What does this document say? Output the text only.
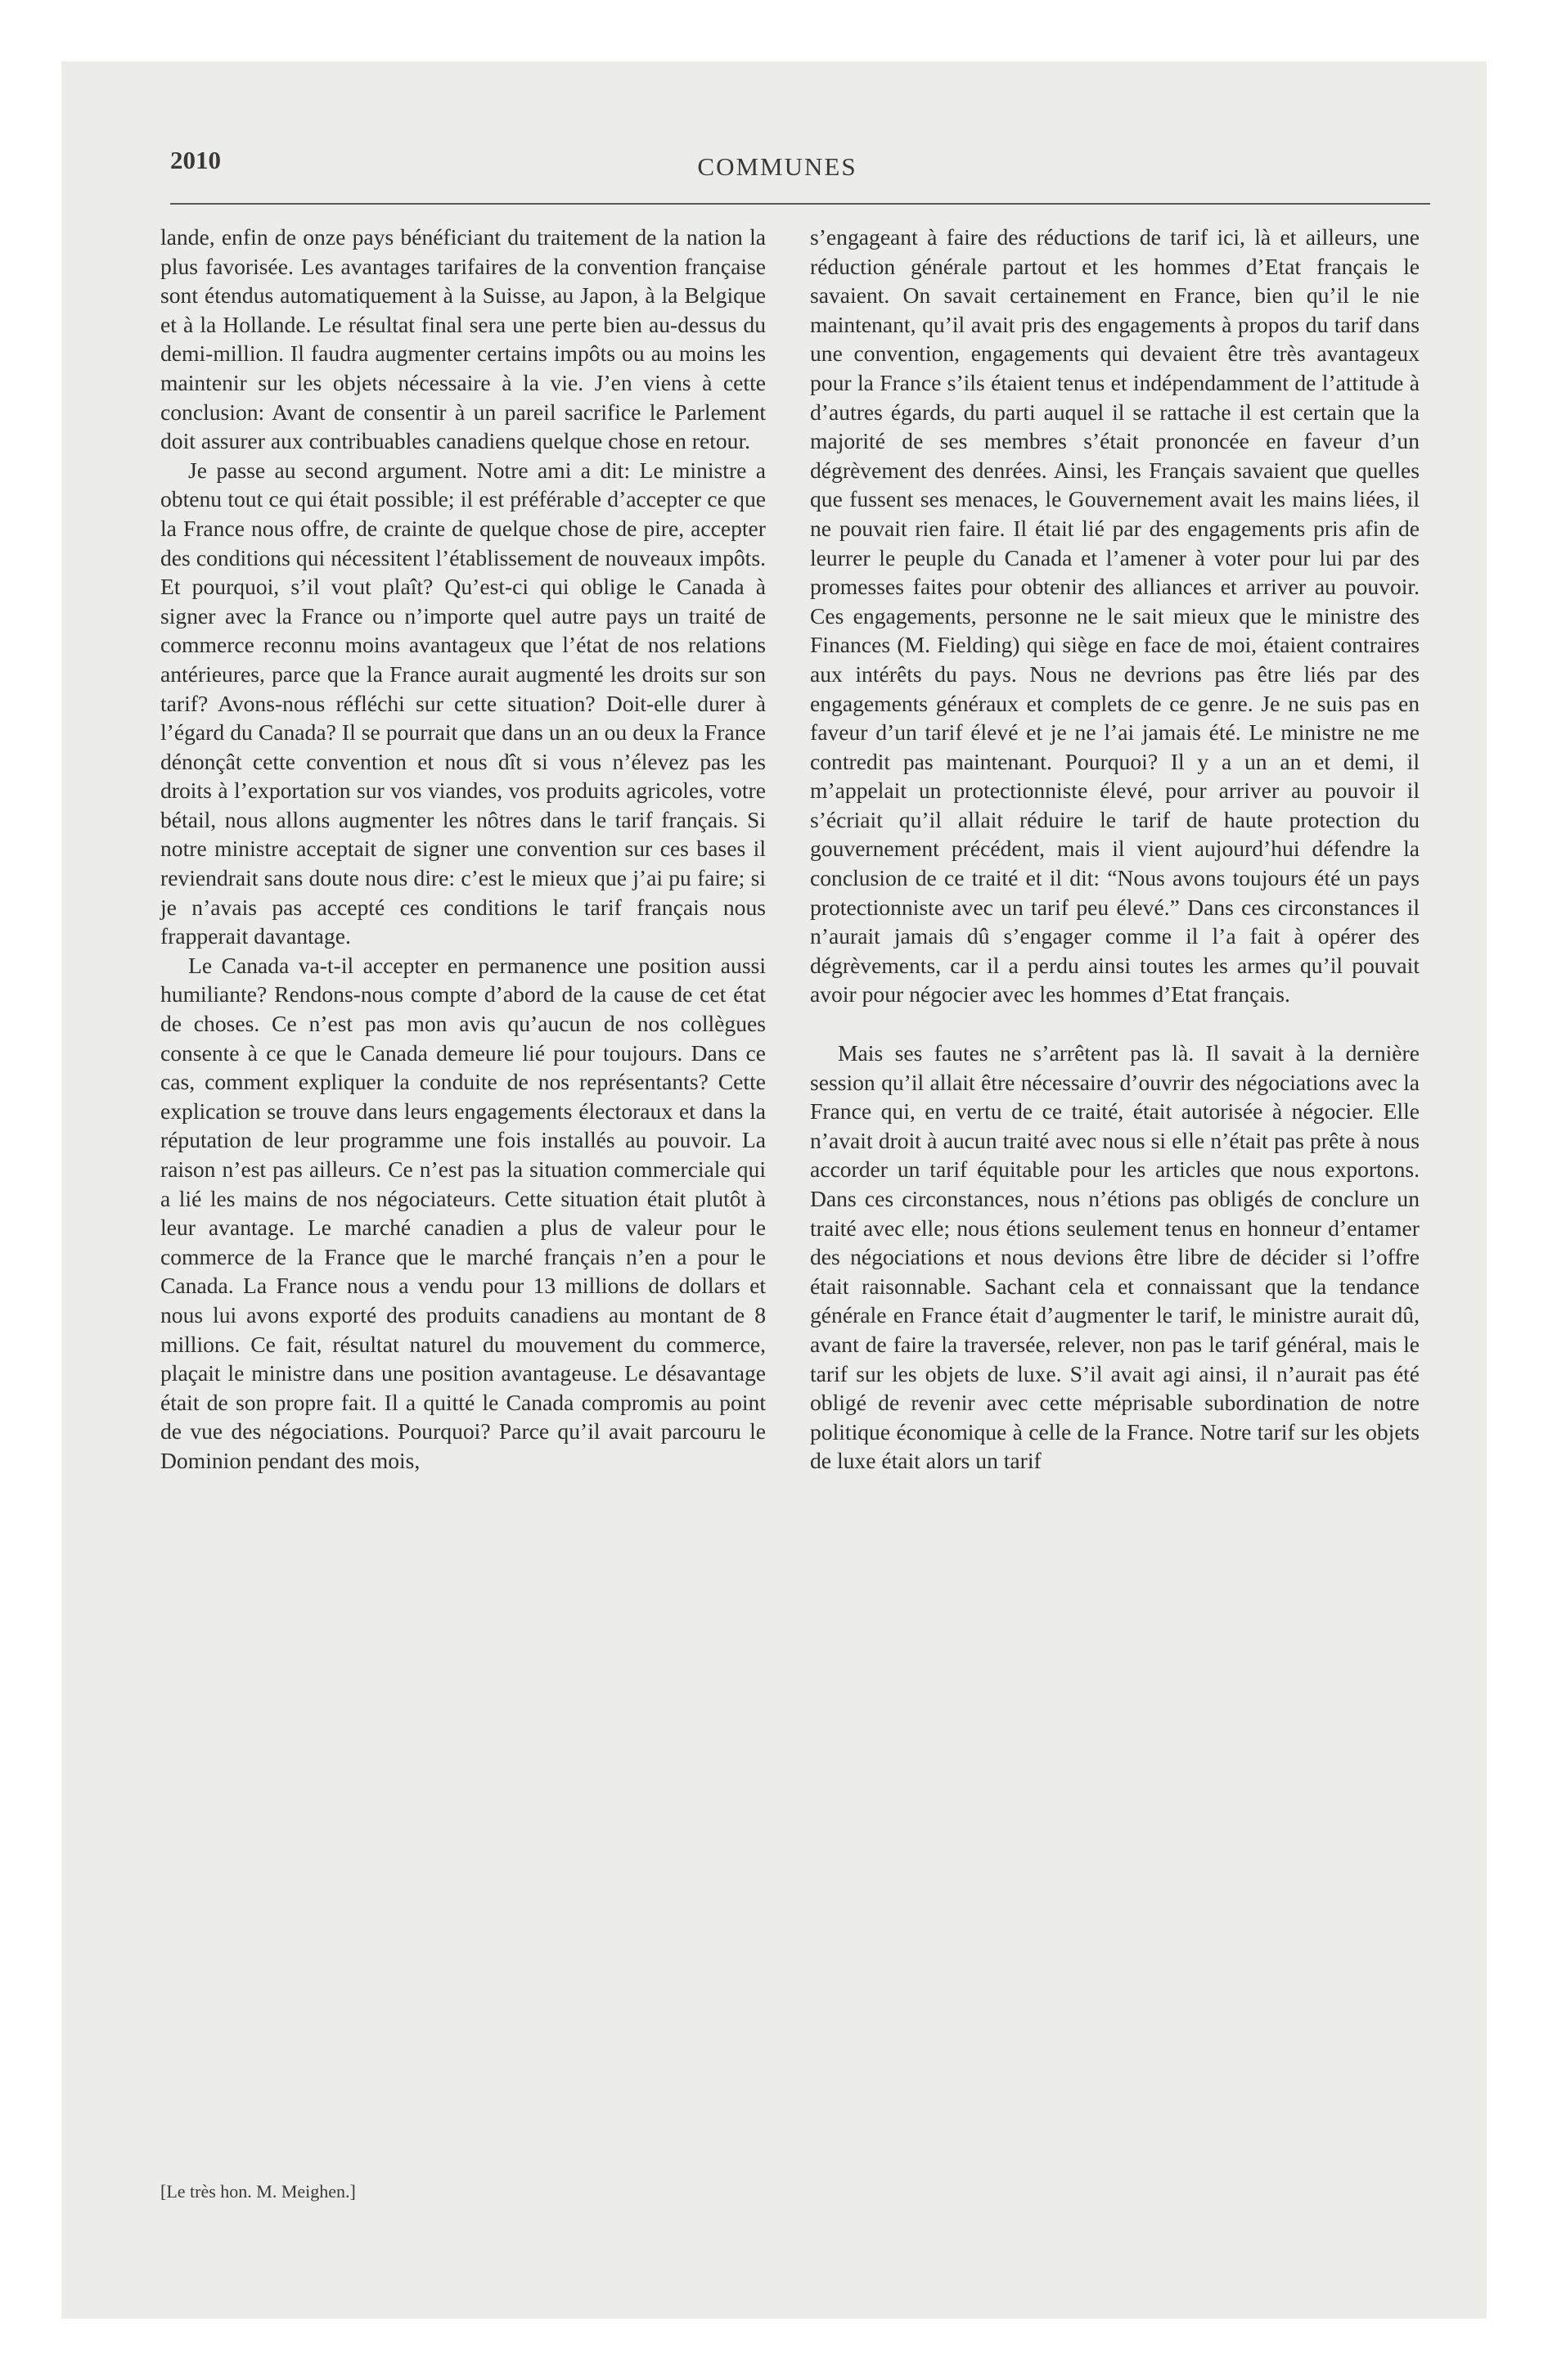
2010	COMMUNES

lande, enfin de onze pays bénéficiant du traitement de la nation la plus favorisée. Les avantages tarifaires de la convention française sont étendus automatiquement à la Suisse, au Japon, à la Belgique et à la Hollande. Le résultat final sera une perte bien au-dessus du demi-million. Il faudra augmenter certains impôts ou au moins les maintenir sur les objets nécessaire à la vie. J’en viens à cette conclusion: Avant de consentir à un pareil sacrifice le Parlement doit assurer aux contribuables canadiens quelque chose en retour.

Je passe au second argument. Notre ami a dit: Le ministre a obtenu tout ce qui était possible; il est préférable d’accepter ce que la France nous offre, de crainte de quelque chose de pire, accepter des conditions qui nécessitent l’établissement de nouveaux impôts. Et pourquoi, s’il vout plaît? Qu’est-ci qui oblige le Canada à signer avec la France ou n’importe quel autre pays un traité de commerce reconnu moins avantageux que l’état de nos relations antérieures, parce que la France aurait augmenté les droits sur son tarif? Avons-nous réfléchi sur cette situation? Doit-elle durer à l’égard du Canada? Il se pourrait que dans un an ou deux la France dénonçât cette convention et nous dît si vous n’élevez pas les droits à l’exportation sur vos viandes, vos produits agricoles, votre bétail, nous allons augmenter les nôtres dans le tarif français. Si notre ministre acceptait de signer une convention sur ces bases il reviendrait sans doute nous dire: c’est le mieux que j’ai pu faire; si je n’avais pas accepté ces conditions le tarif français nous frapperait davantage.

Le Canada va-t-il accepter en permanence une position aussi humiliante? Rendons-nous compte d’abord de la cause de cet état de choses. Ce n’est pas mon avis qu’aucun de nos collègues consente à ce que le Canada demeure lié pour toujours. Dans ce cas, comment expliquer la conduite de nos représentants? Cette explication se trouve dans leurs engagements électoraux et dans la réputation de leur programme une fois installés au pouvoir. La raison n’est pas ailleurs. Ce n’est pas la situation commerciale qui a lié les mains de nos négociateurs. Cette situation était plutôt à leur avantage. Le marché canadien a plus de valeur pour le commerce de la France que le marché français n’en a pour le Canada. La France nous a vendu pour 13 millions de dollars et nous lui avons exporté des produits canadiens au montant de 8 millions. Ce fait, résultat naturel du mouvement du commerce, plaçait le ministre dans une position avantageuse. Le désavantage était de son propre fait. Il a quitté le Canada compromis au point de vue des négociations. Pourquoi? Parce qu’il avait parcouru le Dominion pendant des mois,

s’engageant à faire des réductions de tarif ici, là et ailleurs, une réduction générale partout et les hommes d’Etat français le savaient. On savait certainement en France, bien qu’il le nie maintenant, qu’il avait pris des engagements à propos du tarif dans une convention, engagements qui devaient être très avantageux pour la France s’ils étaient tenus et indépendamment de l’attitude à d’autres égards, du parti auquel il se rattache il est certain que la majorité de ses membres s’était prononcée en faveur d’un dégrèvement des denrées. Ainsi, les Français savaient que quelles que fussent ses menaces, le Gouvernement avait les mains liées, il ne pouvait rien faire. Il était lié par des engagements pris afin de leurrer le peuple du Canada et l’amener à voter pour lui par des promesses faites pour obtenir des alliances et arriver au pouvoir. Ces engagements, personne ne le sait mieux que le ministre des Finances (M. Fielding) qui siège en face de moi, étaient contraires aux intérêts du pays. Nous ne devrions pas être liés par des engagements généraux et complets de ce genre. Je ne suis pas en faveur d’un tarif élevé et je ne l’ai jamais été. Le ministre ne me contredit pas maintenant. Pourquoi? Il y a un an et demi, il m’appelait un protectionniste élevé, pour arriver au pouvoir il s’écriait qu’il allait réduire le tarif de haute protection du gouvernement précédent, mais il vient aujourd’hui défendre la conclusion de ce traité et il dit: “Nous avons toujours été un pays protectionniste avec un tarif peu élevé.” Dans ces circonstances il n’aurait jamais dû s’engager comme il l’a fait à opérer des dégrèvements, car il a perdu ainsi toutes les armes qu’il pouvait avoir pour négocier avec les hommes d’Etat français.

Mais ses fautes ne s’arrêtent pas là. Il savait à la dernière session qu’il allait être nécessaire d’ouvrir des négociations avec la France qui, en vertu de ce traité, était autorisée à négocier. Elle n’avait droit à aucun traité avec nous si elle n’était pas prête à nous accorder un tarif équitable pour les articles que nous exportons. Dans ces circonstances, nous n’étions pas obligés de conclure un traité avec elle; nous étions seulement tenus en honneur d’entamer des négociations et nous devions être libre de décider si l’offre était raisonnable. Sachant cela et connaissant que la tendance générale en France était d’augmenter le tarif, le ministre aurait dû, avant de faire la traversée, relever, non pas le tarif général, mais le tarif sur les objets de luxe. S’il avait agi ainsi, il n’aurait pas été obligé de revenir avec cette méprisable subordination de notre politique économique à celle de la France. Notre tarif sur les objets de luxe était alors un tarif

[Le très hon. M. Meighen.]
